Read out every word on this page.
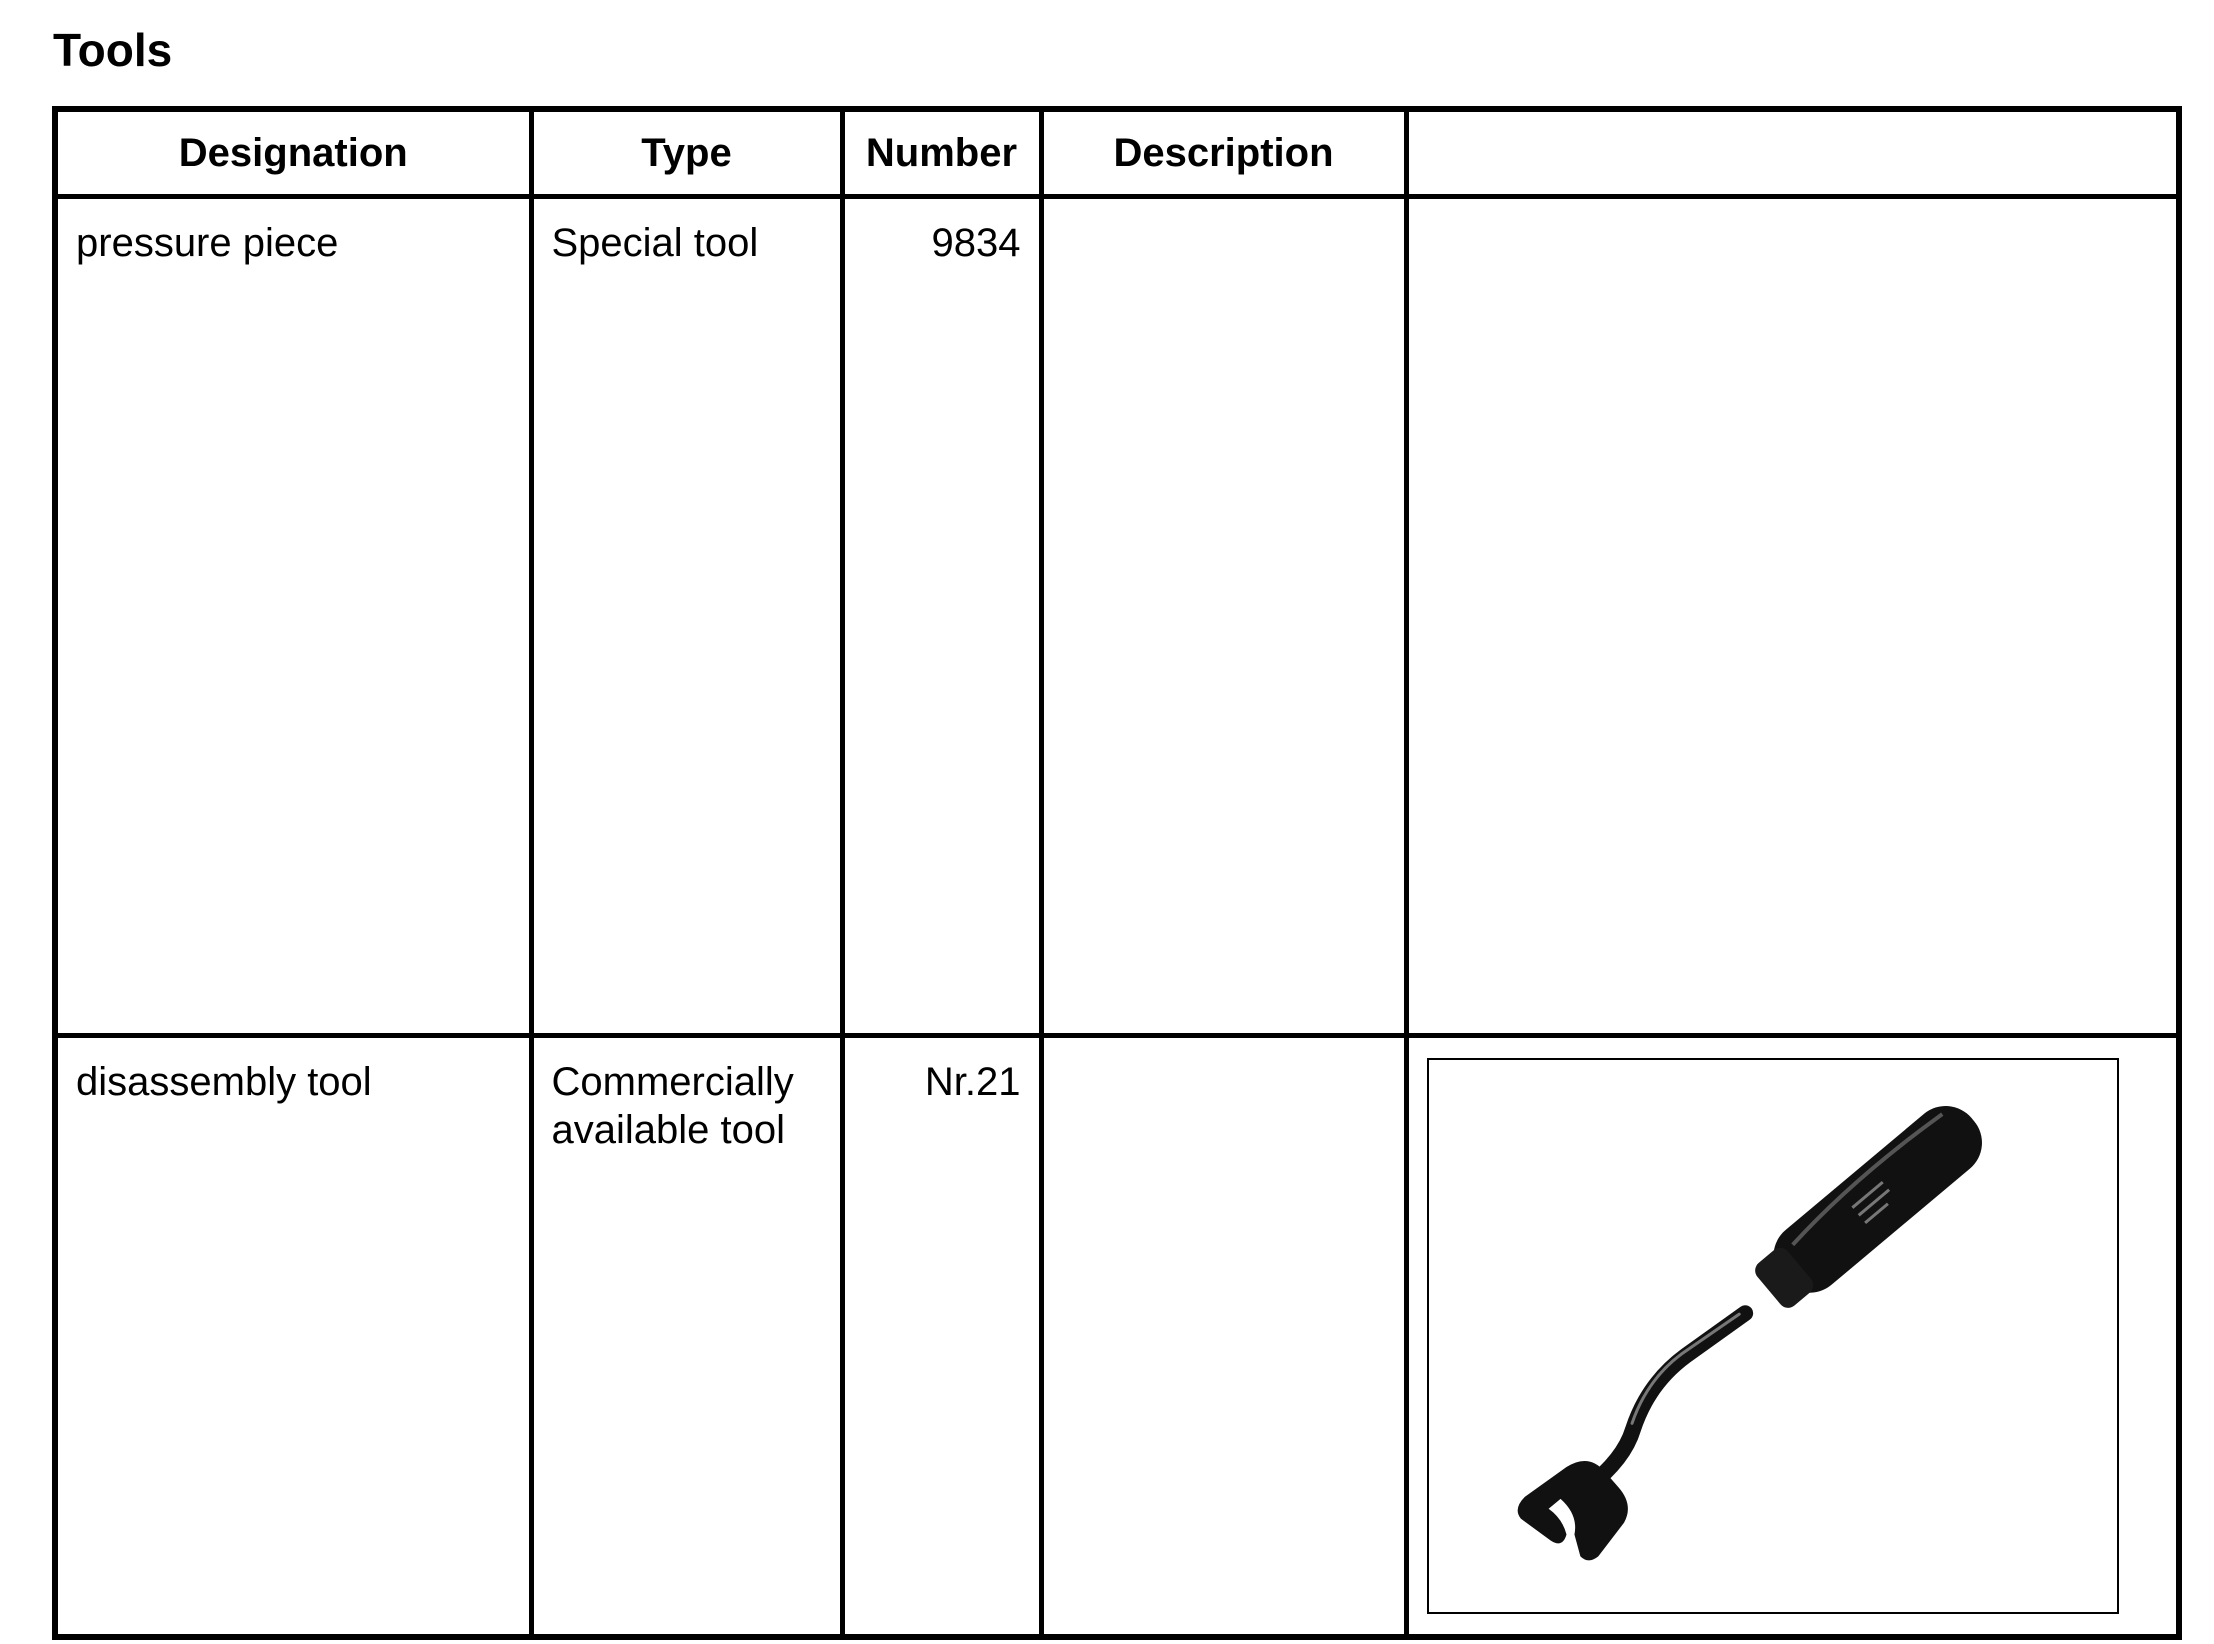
Tools
Designation	Type	Number	Description	
pressure piece	Special tool	9834		
disassembly tool	Commercially available tool	Nr.21		
